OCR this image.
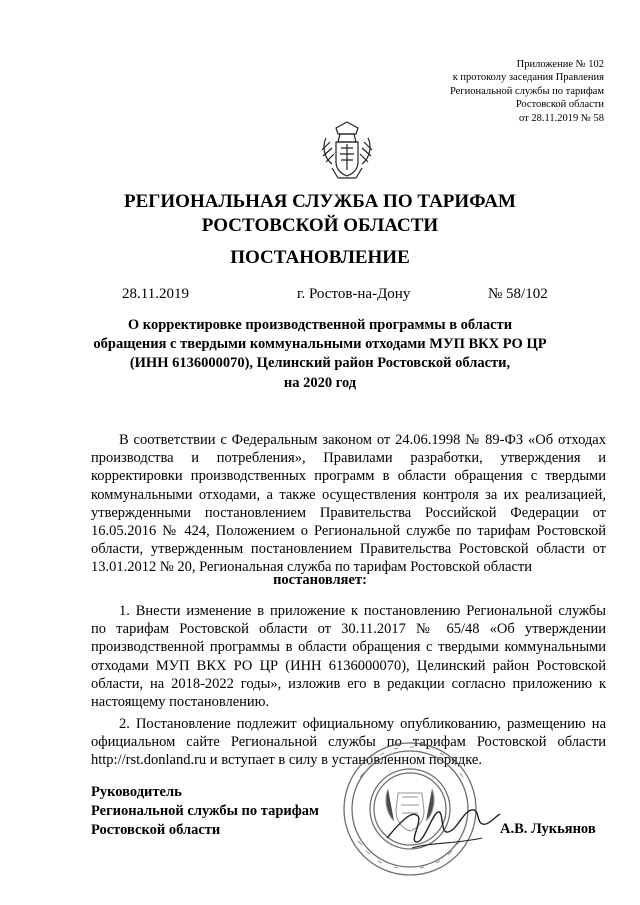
Приложение № 102
к протоколу заседания Правления
Региональной службы по тарифам
Ростовской области
от 28.11.2019 № 58
РЕГИОНАЛЬНАЯ СЛУЖБА ПО ТАРИФАМ
РОСТОВСКОЙ ОБЛАСТИ
ПОСТАНОВЛЕНИЕ
28.11.2019	г. Ростов-на-Дону	№ 58/102
О корректировке производственной программы в области
обращения с твердыми коммунальными отходами МУП ВКХ РО ЦР
(ИНН 6136000070), Целинский район Ростовской области,
на 2020 год
В соответствии с Федеральным законом от 24.06.1998 № 89-ФЗ «Об отходах производства и потребления», Правилами разработки, утверждения и корректировки производственных программ в области обращения с твердыми коммунальными отходами, а также осуществления контроля за их реализацией, утвержденными постановлением Правительства Российской Федерации от 16.05.2016 № 424, Положением о Региональной службе по тарифам Ростовской области, утвержденным постановлением Правительства Ростовской области от 13.01.2012 № 20, Региональная служба по тарифам Ростовской области
постановляет:
1. Внести изменение в приложение к постановлению Региональной службы по тарифам Ростовской области от 30.11.2017 № 65/48 «Об утверждении производственной программы в области обращения с твердыми коммунальными отходами МУП ВКХ РО ЦР (ИНН 6136000070), Целинский район Ростовской области, на 2018-2022 годы», изложив его в редакции согласно приложению к настоящему постановлению.
2. Постановление подлежит официальному опубликованию, размещению на официальном сайте Региональной службы по тарифам Ростовской области http://rst.donland.ru и вступает в силу в установленном порядке.
Руководитель
Региональной службы по тарифам
Ростовской области	А.В. Лукьянов
